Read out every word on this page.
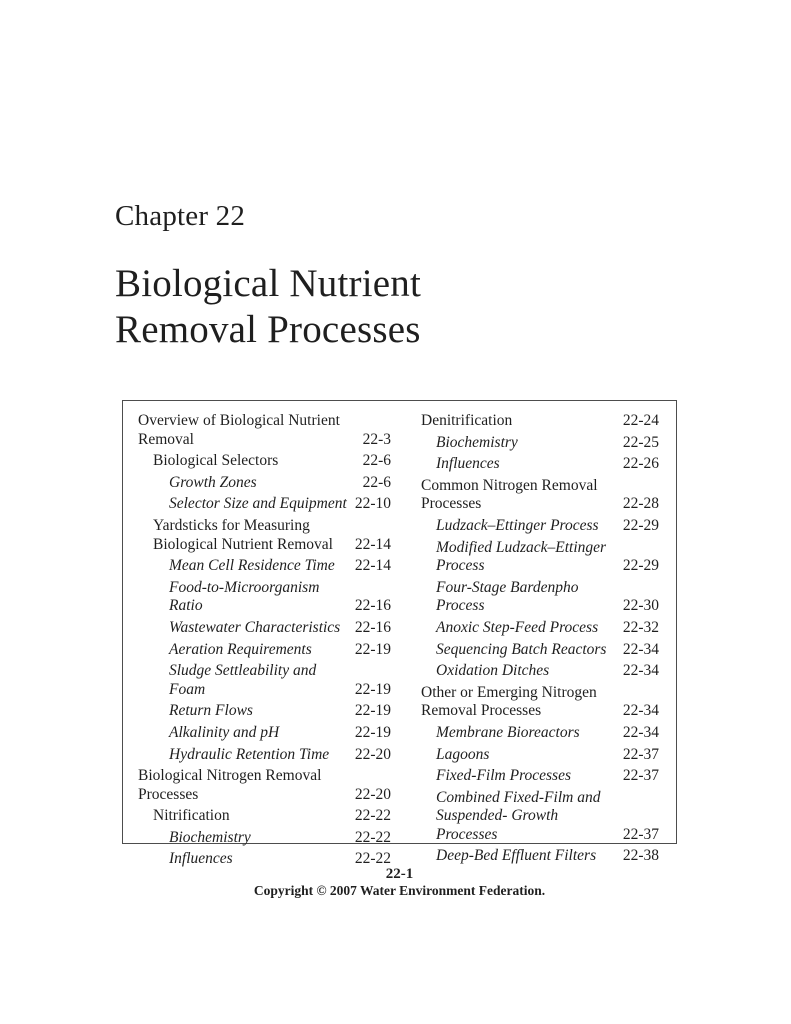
Chapter 22
Biological Nutrient
Removal Processes
Overview of Biological Nutrient
Removal	22-3
Biological Selectors	22-6
Growth Zones	22-6
Selector Size and Equipment 22-10
Yardsticks for Measuring
Biological Nutrient Removal	22-14
Mean Cell Residence Time	22-14
Food-to-Microorganism Ratio	22-16
Wastewater Characteristics 22-16
Aeration Requirements	22-19
Sludge Settleability and Foam	22-19
Return Flows	22-19
Alkalinity and pH	22-19
Hydraulic Retention Time	22-20
Biological Nitrogen Removal
Processes	22-20
Nitrification	22-22
Biochemistry	22-22
Influences	22-22
Denitrification	22-24
Biochemistry	22-25
Influences	22-26
Common Nitrogen Removal
Processes	22-28
Ludzack–Ettinger Process	22-29
Modified Ludzack–Ettinger
Process	22-29
Four-Stage Bardenpho Process	22-30
Anoxic Step-Feed Process	22-32
Sequencing Batch Reactors	22-34
Oxidation Ditches	22-34
Other or Emerging Nitrogen
Removal Processes	22-34
Membrane Bioreactors	22-34
Lagoons	22-37
Fixed-Film Processes	22-37
Combined Fixed-Film and
Suspended- Growth Processes	22-37
Deep-Bed Effluent Filters	22-38
22-1
Copyright © 2007 Water Environment Federation.
